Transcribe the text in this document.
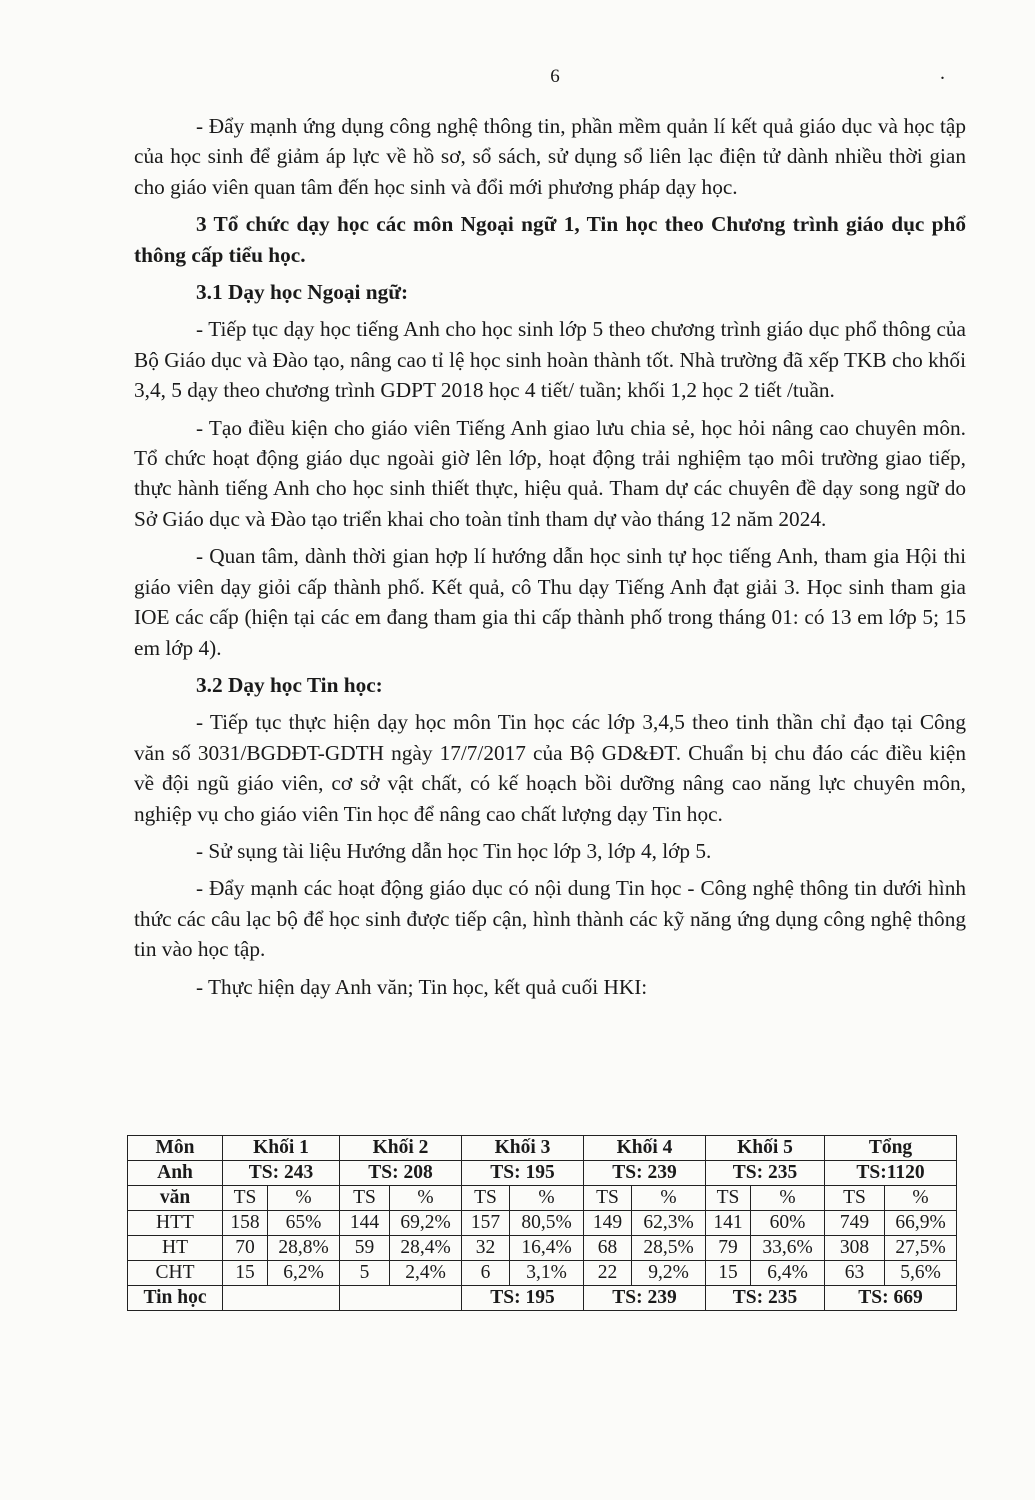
6	.

- Đẩy mạnh ứng dụng công nghệ thông tin, phần mềm quản lí kết quả giáo dục và học tập của học sinh để giảm áp lực về hồ sơ, sổ sách, sử dụng sổ liên lạc điện tử dành nhiều thời gian cho giáo viên quan tâm đến học sinh và đổi mới phương pháp dạy học.

3 Tổ chức dạy học các môn Ngoại ngữ 1, Tin học theo Chương trình giáo dục phổ thông cấp tiểu học.

3.1 Dạy học Ngoại ngữ:

- Tiếp tục dạy học tiếng Anh cho học sinh lớp 5 theo chương trình giáo dục phổ thông của Bộ Giáo dục và Đào tạo, nâng cao tỉ lệ học sinh hoàn thành tốt. Nhà trường đã xếp TKB cho khối 3,4, 5 dạy theo chương trình GDPT 2018 học 4 tiết/ tuần; khối 1,2 học 2 tiết /tuần.

- Tạo điều kiện cho giáo viên Tiếng Anh giao lưu chia sẻ, học hỏi nâng cao chuyên môn. Tổ chức hoạt động giáo dục ngoài giờ lên lớp, hoạt động trải nghiệm tạo môi trường giao tiếp, thực hành tiếng Anh cho học sinh thiết thực, hiệu quả. Tham dự các chuyên đề dạy song ngữ do Sở Giáo dục và Đào tạo triển khai cho toàn tỉnh tham dự vào tháng 12 năm 2024.

- Quan tâm, dành thời gian hợp lí hướng dẫn học sinh tự học tiếng Anh, tham gia Hội thi giáo viên dạy giỏi cấp thành phố. Kết quả, cô Thu dạy Tiếng Anh đạt giải 3. Học sinh tham gia IOE các cấp (hiện tại các em đang tham gia thi cấp thành phố trong tháng 01: có 13 em lớp 5; 15 em lớp 4).

3.2 Dạy học Tin học:

- Tiếp tục thực hiện dạy học môn Tin học các lớp 3,4,5 theo tinh thần chỉ đạo tại Công văn số 3031/BGDĐT-GDTH ngày 17/7/2017 của Bộ GD&ĐT. Chuẩn bị chu đáo các điều kiện về đội ngũ giáo viên, cơ sở vật chất, có kế hoạch bồi dưỡng nâng cao năng lực chuyên môn, nghiệp vụ cho giáo viên Tin học để nâng cao chất lượng dạy Tin học.

- Sử sụng tài liệu Hướng dẫn học Tin học lớp 3, lớp 4, lớp 5.

- Đẩy mạnh các hoạt động giáo dục có nội dung Tin học - Công nghệ thông tin dưới hình thức các câu lạc bộ để học sinh được tiếp cận, hình thành các kỹ năng ứng dụng công nghệ thông tin vào học tập.

- Thực hiện dạy Anh văn; Tin học, kết quả cuối HKI:

Môn	Khối 1		Khối 2		Khối 3		Khối 4		Khối 5		Tổng	
Anh	TS: 243		TS: 208		TS: 195		TS: 239		TS: 235		TS:1120	
văn	TS	%	TS	%	TS	%	TS	%	TS	%	TS	%
HTT	158	65%	144	69,2%	157	80,5%	149	62,3%	141	60%	749	66,9%
HT	70	28,8%	59	28,4%	32	16,4%	68	28,5%	79	33,6%	308	27,5%
CHT	15	6,2%	5	2,4%	6	3,1%	22	9,2%	15	6,4%	63	5,6%
Tin học					TS: 195		TS: 239		TS: 235		TS: 669	
